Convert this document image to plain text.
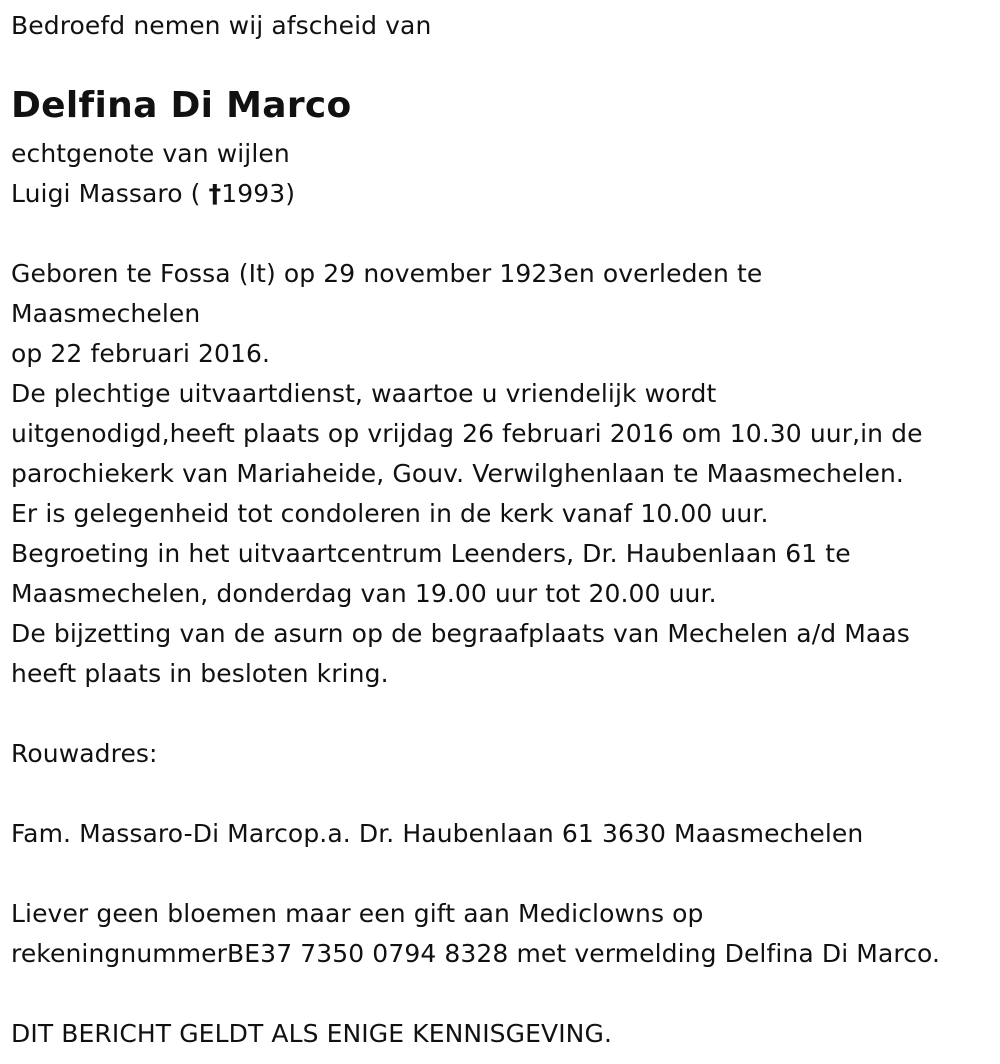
Bedroefd nemen wij afscheid van
Delfina Di Marco
echtgenote van wijlen
Luigi Massaro ( †1993)
Geboren te Fossa (It) op 29 november 1923en overleden te
Maasmechelen
op 22 februari 2016.
De plechtige uitvaartdienst, waartoe u vriendelijk wordt
uitgenodigd,heeft plaats op vrijdag 26 februari 2016 om 10.30 uur,in de
parochiekerk van Mariaheide, Gouv. Verwilghenlaan te Maasmechelen.
Er is gelegenheid tot condoleren in de kerk vanaf 10.00 uur.
Begroeting in het uitvaartcentrum Leenders, Dr. Haubenlaan 61 te
Maasmechelen, donderdag van 19.00 uur tot 20.00 uur.
De bijzetting van de asurn op de begraafplaats van Mechelen a/d Maas
heeft plaats in besloten kring.
Rouwadres:
Fam. Massaro-Di Marcop.a. Dr. Haubenlaan 61 3630 Maasmechelen
Liever geen bloemen maar een gift aan Mediclowns op
rekeningnummerBE37 7350 0794 8328 met vermelding Delfina Di Marco.
DIT BERICHT GELDT ALS ENIGE KENNISGEVING.
